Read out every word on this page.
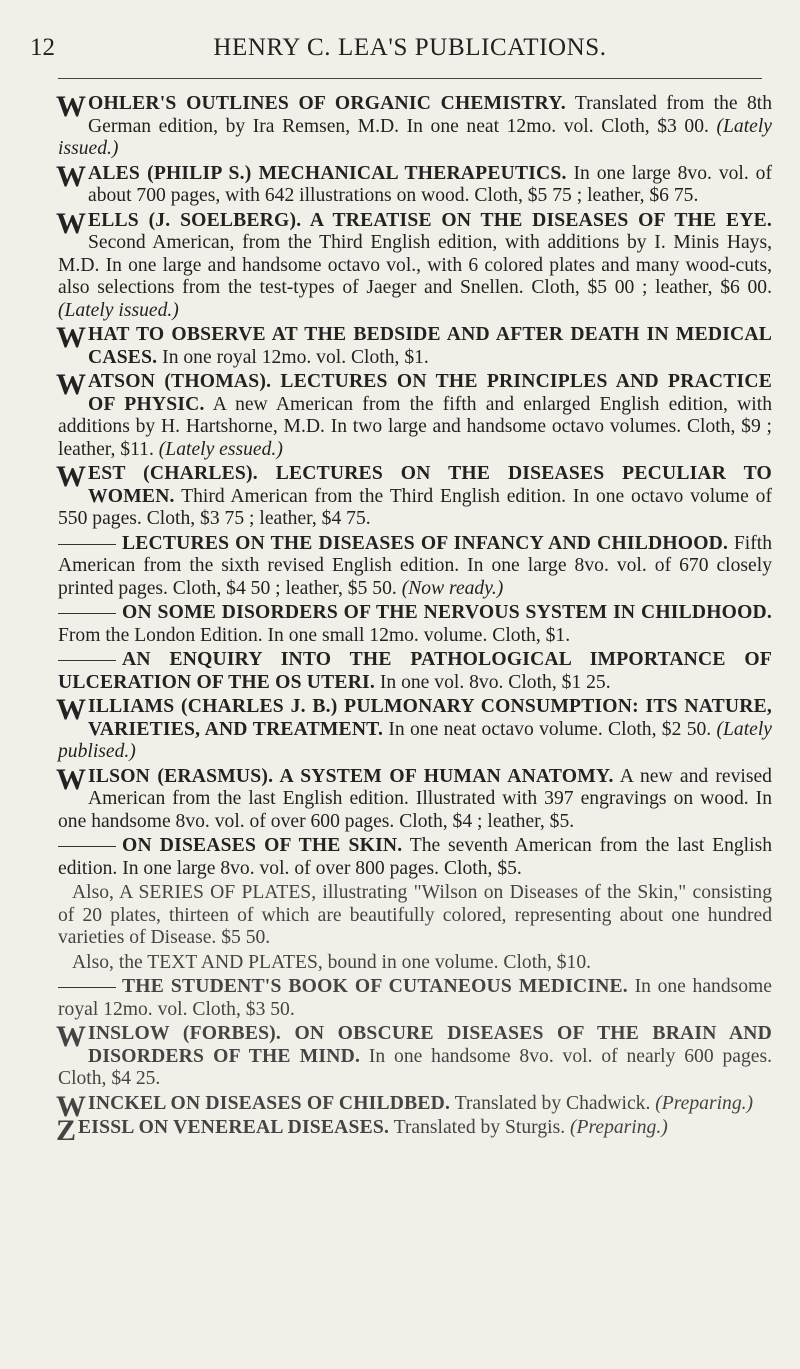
12	HENRY C. LEA'S PUBLICATIONS.
WOHLER'S OUTLINES OF ORGANIC CHEMISTRY. Translated from the 8th German edition, by Ira Remsen, M.D. In one neat 12mo. vol. Cloth, $3 00. (Lately issued.)
WALES (PHILIP S.) MECHANICAL THERAPEUTICS. In one large 8vo. vol. of about 700 pages, with 642 illustrations on wood. Cloth, $5 75 ; leather, $6 75.
WELLS (J. SOELBERG). A TREATISE ON THE DISEASES OF THE EYE. Second American, from the Third English edition, with additions by I. Minis Hays, M.D. In one large and handsome octavo vol., with 6 colored plates and many wood-cuts, also selections from the test-types of Jaeger and Snellen. Cloth, $5 00 ; leather, $6 00. (Lately issued.)
WHAT TO OBSERVE AT THE BEDSIDE AND AFTER DEATH IN MEDICAL CASES. In one royal 12mo. vol. Cloth, $1.
WATSON (THOMAS). LECTURES ON THE PRINCIPLES AND PRACTICE OF PHYSIC. A new American from the fifth and enlarged English edition, with additions by H. Hartshorne, M.D. In two large and handsome octavo volumes. Cloth, $9 ; leather, $11. (Lately essued.)
WEST (CHARLES). LECTURES ON THE DISEASES PECULIAR TO WOMEN. Third American from the Third English edition. In one octavo volume of 550 pages. Cloth, $3 75 ; leather, $4 75.
LECTURES ON THE DISEASES OF INFANCY AND CHILDHOOD. Fifth American from the sixth revised English edition. In one large 8vo. vol. of 670 closely printed pages. Cloth, $4 50 ; leather, $5 50. (Now ready.)
ON SOME DISORDERS OF THE NERVOUS SYSTEM IN CHILDHOOD. From the London Edition. In one small 12mo. volume. Cloth, $1.
AN ENQUIRY INTO THE PATHOLOGICAL IMPORTANCE OF ULCERATION OF THE OS UTERI. In one vol. 8vo. Cloth, $1 25.
WILLIAMS (CHARLES J. B.) PULMONARY CONSUMPTION: ITS NATURE, VARIETIES, AND TREATMENT. In one neat octavo volume. Cloth, $2 50. (Lately publised.)
WILSON (ERASMUS). A SYSTEM OF HUMAN ANATOMY. A new and revised American from the last English edition. Illustrated with 397 engravings on wood. In one handsome 8vo. vol. of over 600 pages. Cloth, $4 ; leather, $5.
ON DISEASES OF THE SKIN. The seventh American from the last English edition. In one large 8vo. vol. of over 800 pages. Cloth, $5.
Also, A SERIES OF PLATES, illustrating "Wilson on Diseases of the Skin," consisting of 20 plates, thirteen of which are beautifully colored, representing about one hundred varieties of Disease. $5 50.
Also, the TEXT AND PLATES, bound in one volume. Cloth, $10.
THE STUDENT'S BOOK OF CUTANEOUS MEDICINE. In one handsome royal 12mo. vol. Cloth, $3 50.
WINSLOW (FORBES). ON OBSCURE DISEASES OF THE BRAIN AND DISORDERS OF THE MIND. In one handsome 8vo. vol. of nearly 600 pages. Cloth, $4 25.
WINCKEL ON DISEASES OF CHILDBED. Translated by Chadwick. (Preparing.)
ZEISSL ON VENEREAL DISEASES. Translated by Sturgis. (Preparing.)
